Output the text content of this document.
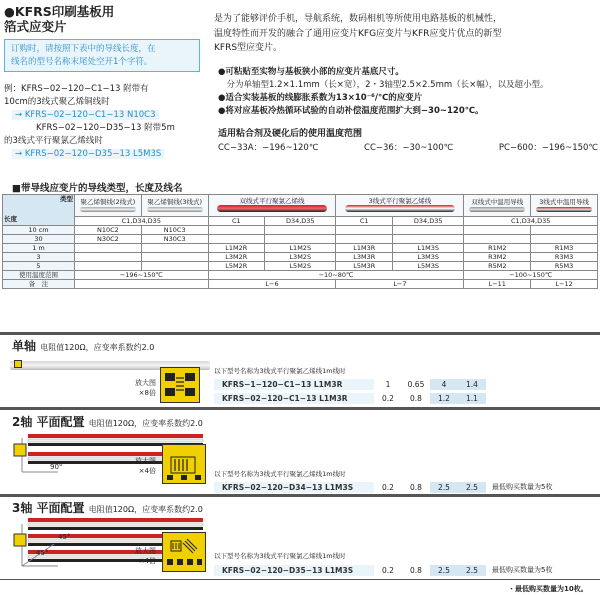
●KFRS印刷基板用
箔式应变片
订购时，请按照下表中的导线长度，在
线名的型号名称末尾处空开1个字符。
例：KFRS−02−120−C1−13 附带有
10cm的3线式聚乙烯铜线时
→ KFRS−02−120−C1−13 N10C3
KFRS−02−120−D35−13 附带5m
的3线式平行聚氯乙烯线时
→ KFRS−02−120−D35−13 L5M3S
是为了能够评价手机，导航系统，数码相机等所使用电路基板的机械性，
温度特性而开发的融合了通用应变片KFG应变片与KFR应变片优点的新型
KFRS型应变片。
●可粘贴至实物与基板狭小部的应变片基底尺寸。
　分为单轴型1.2×1.1mm（长×宽），2・3轴型2.5×2.5mm（长×幅），以及超小型。
●适合实装基板的线膨胀系数为13×10⁻⁶/℃的应变片
●将对应基板冷热循环试验的自动补偿温度范围扩大到−30~120℃。
适用粘合剂及硬化后的使用温度范围
CC−33A：−196~120℃	CC−36：−30~100℃	PC−600：−196~150℃
■带导线应变片的导线类型，长度及线名
类型
长度	聚乙烯铜线(2线式)	聚乙烯铜线(3线式)	双线式平行聚氯乙烯线		3线式平行聚氯乙烯线		双线式中温用导线	3线式中温用导线

	C1,D34,D35		C1	D34,D35	C1	D34,D35	C1,D34,D35	
10 cm	N10C2	N10C3						
30	N30C2	N30C3						
1 m			L1M2R	L1M2S	L1M3R	L1M3S	R1M2	R1M3
3			L3M2R	L3M2S	L3M3R	L3M3S	R3M2	R3M3
5			L5M2R	L5M2S	L5M3R	L5M3S	R5M2	R5M3
使用温度范围	−196~150℃		−10~80℃				−100~150℃	
备　注			L−6		L−7		L−11	L−12
单轴 电阻值120Ω，应变率系数约2.0
放大图
×8倍
以下型号名称为3线式平行聚氯乙烯线1m线时
KFRS−1−120−C1−13 L1M3R	1	0.65	4	1.4
KFRS−02−120−C1−13 L1M3R	0.2	0.8	1.2	1.1
2轴 平面配置 电阻值120Ω，应变率系数约2.0
90°
放大图
×4倍	以下型号名称为3线式平行聚氯乙烯线1m线时
KFRS−02−120−D34−13 L1M3S	0.2	0.8	2.5	2.5	最低购买数量为5枚
3轴 平面配置 电阻值120Ω，应变率系数约2.0
45°
45°	放大图
×4倍
以下型号名称为3线式平行聚氯乙烯线1m线时
KFRS−02−120−D35−13 L1M3S	0.2	0.8	2.5	2.5	最低购买数量为5枚
・最低购买数量为10枚。
